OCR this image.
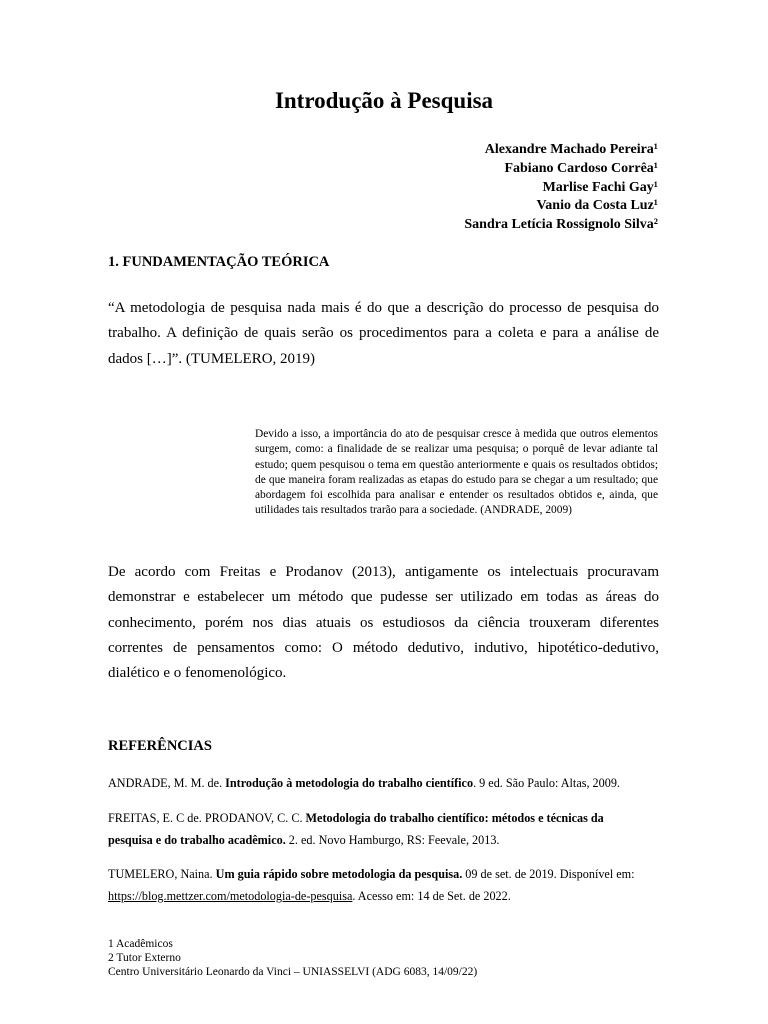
Introdução à Pesquisa
Alexandre Machado Pereira¹
Fabiano Cardoso Corrêa¹
Marlise Fachi Gay¹
Vanio da Costa Luz¹
Sandra Letícia Rossignolo Silva²
1. FUNDAMENTAÇÃO TEÓRICA

“A metodologia de pesquisa nada mais é do que a descrição do processo de pesquisa do trabalho. A definição de quais serão os procedimentos para a coleta e para a análise de dados […]”. (TUMELERO, 2019)

Devido a isso, a importância do ato de pesquisar cresce à medida que outros elementos surgem, como: a finalidade de se realizar uma pesquisa; o porquê de levar adiante tal estudo; quem pesquisou o tema em questão anteriormente e quais os resultados obtidos; de que maneira foram realizadas as etapas do estudo para se chegar a um resultado; que abordagem foi escolhida para analisar e entender os resultados obtidos e, ainda, que utilidades tais resultados trarão para a sociedade. (ANDRADE, 2009)

De acordo com Freitas e Prodanov (2013), antigamente os intelectuais procuravam demonstrar e estabelecer um método que pudesse ser utilizado em todas as áreas do conhecimento, porém nos dias atuais os estudiosos da ciência trouxeram diferentes correntes de pensamentos como: O método dedutivo, indutivo, hipotético-dedutivo, dialético e o fenomenológico.

REFERÊNCIAS

ANDRADE, M. M. de. Introdução à metodologia do trabalho científico. 9 ed. São Paulo: Altas, 2009.

FREITAS, E. C de. PRODANOV, C. C. Metodologia do trabalho científico: métodos e técnicas da pesquisa e do trabalho acadêmico. 2. ed. Novo Hamburgo, RS: Feevale, 2013.

TUMELERO, Naina. Um guia rápido sobre metodologia da pesquisa. 09 de set. de 2019. Disponível em: https://blog.mettzer.com/metodologia-de-pesquisa. Acesso em: 14 de Set. de 2022.

1 Acadêmicos
2 Tutor Externo
Centro Universitário Leonardo da Vinci – UNIASSELVI (ADG 6083, 14/09/22)
